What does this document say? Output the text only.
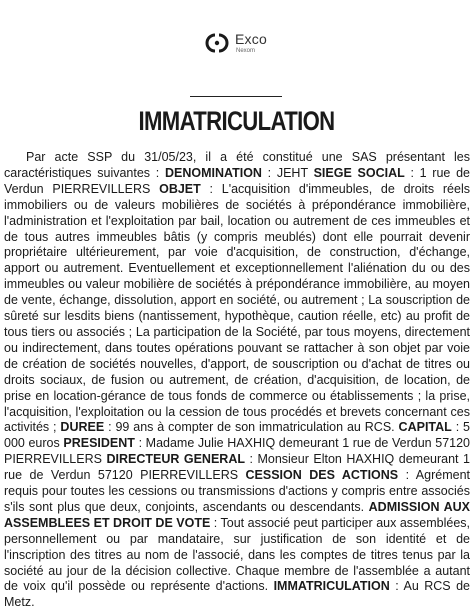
Exco
Nexom
IMMATRICULATION

Par acte SSP du 31/05/23, il a été constitué une SAS présentant les caractéristiques suivantes : DENOMINATION : JEHT SIEGE SOCIAL : 1 rue de Verdun PIERREVILLERS OBJET : L'acquisition d'immeubles, de droits réels immobiliers ou de valeurs mobilières de sociétés à prépondérance immobilière, l'administration et l'exploitation par bail, location ou autrement de ces immeubles et de tous autres immeubles bâtis (y compris meublés) dont elle pourrait devenir propriétaire ultérieurement, par voie d'acquisition, de construction, d'échange, apport ou autrement. Eventuellement et exceptionnellement l'aliénation du ou des immeubles ou valeur mobilière de sociétés à prépondérance immobilière, au moyen de vente, échange, dissolution, apport en société, ou autrement ; La souscription de sûreté sur lesdits biens (nantissement, hypothèque, caution réelle, etc) au profit de tous tiers ou associés ; La participation de la Société, par tous moyens, directement ou indirectement, dans toutes opérations pouvant se rattacher à son objet par voie de création de sociétés nouvelles, d'apport, de souscription ou d'achat de titres ou droits sociaux, de fusion ou autrement, de création, d'acquisition, de location, de prise en location-gérance de tous fonds de commerce ou établissements ; la prise, l'acquisition, l'exploitation ou la cession de tous procédés et brevets concernant ces activités ; DUREE : 99 ans à compter de son immatriculation au RCS. CAPITAL : 5 000 euros PRESIDENT : Madame Julie HAXHIQ demeurant 1 rue de Verdun 57120 PIERREVILLERS DIRECTEUR GENERAL : Monsieur Elton HAXHIQ demeurant 1 rue de Verdun 57120 PIERREVILLERS CESSION DES ACTIONS : Agrément requis pour toutes les cessions ou transmissions d'actions y compris entre associés s'ils sont plus que deux, conjoints, ascendants ou descendants. ADMISSION AUX ASSEMBLEES ET DROIT DE VOTE : Tout associé peut participer aux assemblées, personnellement ou par mandataire, sur justification de son identité et de l'inscription des titres au nom de l'associé, dans les comptes de titres tenus par la société au jour de la décision collective. Chaque membre de l'assemblée a autant de voix qu'il possède ou représente d'actions. IMMATRICULATION : Au RCS de Metz.
